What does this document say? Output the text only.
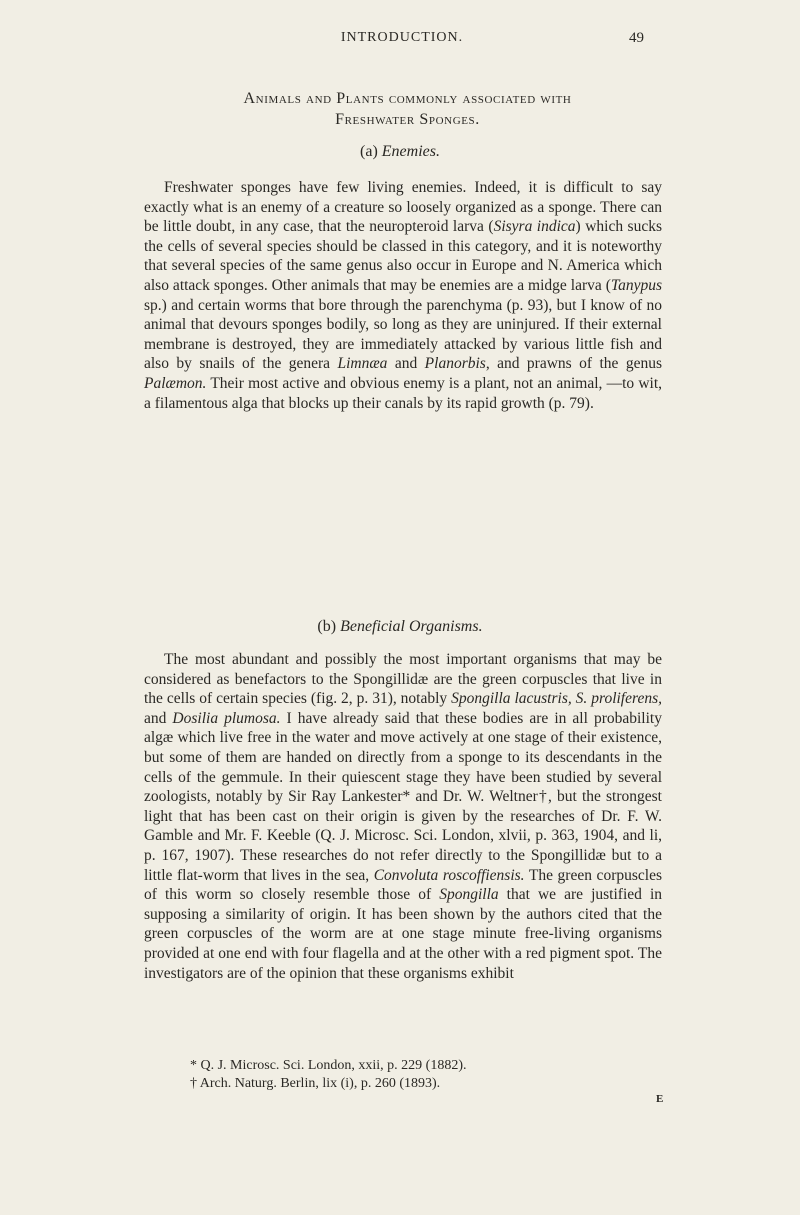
INTRODUCTION.	49
Animals and Plants commonly associated with
Freshwater Sponges.
(a) Enemies.

Freshwater sponges have few living enemies. Indeed, it is difficult to say exactly what is an enemy of a creature so loosely organized as a sponge. There can be little doubt, in any case, that the neuropteroid larva (Sisyra indica) which sucks the cells of several species should be classed in this category, and it is noteworthy that several species of the same genus also occur in Europe and N. America which also attack sponges. Other animals that may be enemies are a midge larva (Tanypus sp.) and certain worms that bore through the parenchyma (p. 93), but I know of no animal that devours sponges bodily, so long as they are uninjured. If their external membrane is destroyed, they are immediately attacked by various little fish and also by snails of the genera Limnæa and Planorbis, and prawns of the genus Palæmon. Their most active and obvious enemy is a plant, not an animal, —to wit, a filamentous alga that blocks up their canals by its rapid growth (p. 79).

(b) Beneficial Organisms.

The most abundant and possibly the most important organisms that may be considered as benefactors to the Spongillidæ are the green corpuscles that live in the cells of certain species (fig. 2, p. 31), notably Spongilla lacustris, S. proliferens, and Dosilia plumosa. I have already said that these bodies are in all probability algæ which live free in the water and move actively at one stage of their existence, but some of them are handed on directly from a sponge to its descendants in the cells of the gemmule. In their quiescent stage they have been studied by several zoologists, notably by Sir Ray Lankester* and Dr. W. Weltner†, but the strongest light that has been cast on their origin is given by the researches of Dr. F. W. Gamble and Mr. F. Keeble (Q. J. Microsc. Sci. London, xlvii, p. 363, 1904, and li, p. 167, 1907). These researches do not refer directly to the Spongillidæ but to a little flat-worm that lives in the sea, Convoluta roscoffiensis. The green corpuscles of this worm so closely resemble those of Spongilla that we are justified in supposing a similarity of origin. It has been shown by the authors cited that the green corpuscles of the worm are at one stage minute free-living organisms provided at one end with four flagella and at the other with a red pigment spot. The investigators are of the opinion that these organisms exhibit

* Q. J. Microsc. Sci. London, xxii, p. 229 (1882).
† Arch. Naturg. Berlin, lix (i), p. 260 (1893).
E
